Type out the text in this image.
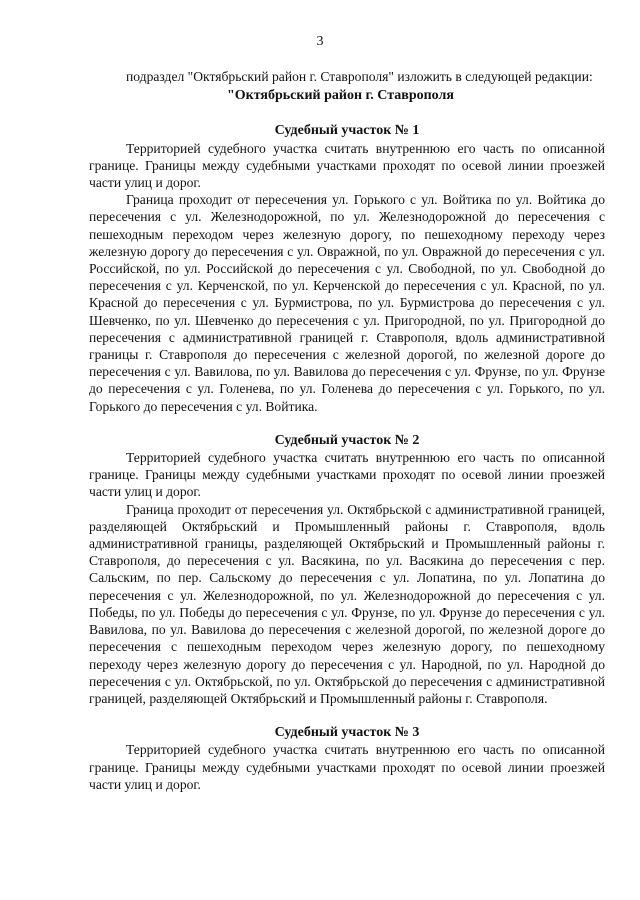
3

подраздел "Октябрьский район г. Ставрополя" изложить в следующей редакции:

"Октябрьский район г. Ставрополя

Судебный участок № 1

Территорией судебного участка считать внутреннюю его часть по описанной границе. Границы между судебными участками проходят по осевой линии проезжей части улиц и дорог.

Граница проходит от пересечения ул. Горького с ул. Войтика по ул. Войтика до пересечения с ул. Железнодорожной, по ул. Железнодорожной до пересечения с пешеходным переходом через железную дорогу, по пешеходному переходу через железную дорогу до пересечения с ул. Овражной, по ул. Овражной до пересечения с ул. Российской, по ул. Российской до пересечения с ул. Свободной, по ул. Свободной до пересечения с ул. Керченской, по ул. Керченской до пересечения с ул. Красной, по ул. Красной до пересечения с ул. Бурмистрова, по ул. Бурмистрова до пересечения с ул. Шевченко, по ул. Шевченко до пересечения с ул. Пригородной, по ул. Пригородной до пересечения с административной границей г. Ставрополя, вдоль административной границы г. Ставрополя до пересечения с железной дорогой, по железной дороге до пересечения с ул. Вавилова, по ул. Вавилова до пересечения с ул. Фрунзе, по ул. Фрунзе до пересечения с ул. Голенева, по ул. Голенева до пересечения с ул. Горького, по ул. Горького до пересечения с ул. Войтика.

Судебный участок № 2

Территорией судебного участка считать внутреннюю его часть по описанной границе. Границы между судебными участками проходят по осевой линии проезжей части улиц и дорог.

Граница проходит от пересечения ул. Октябрьской с административной границей, разделяющей Октябрьский и Промышленный районы г. Ставрополя, вдоль административной границы, разделяющей Октябрьский и Промышленный районы г. Ставрополя, до пересечения с ул. Васякина, по ул. Васякина до пересечения с пер. Сальским, по пер. Сальскому до пересечения с ул. Лопатина, по ул. Лопатина до пересечения с ул. Железнодорожной, по ул. Железнодорожной до пересечения с ул. Победы, по ул. Победы до пересечения с ул. Фрунзе, по ул. Фрунзе до пересечения с ул. Вавилова, по ул. Вавилова до пересечения с железной дорогой, по железной дороге до пересечения с пешеходным переходом через железную дорогу, по пешеходному переходу через железную дорогу до пересечения с ул. Народной, по ул. Народной до пересечения с ул. Октябрьской, по ул. Октябрьской до пересечения с административной границей, разделяющей Октябрьский и Промышленный районы г. Ставрополя.

Судебный участок № 3

Территорией судебного участка считать внутреннюю его часть по описанной границе. Границы между судебными участками проходят по осевой линии проезжей части улиц и дорог.
